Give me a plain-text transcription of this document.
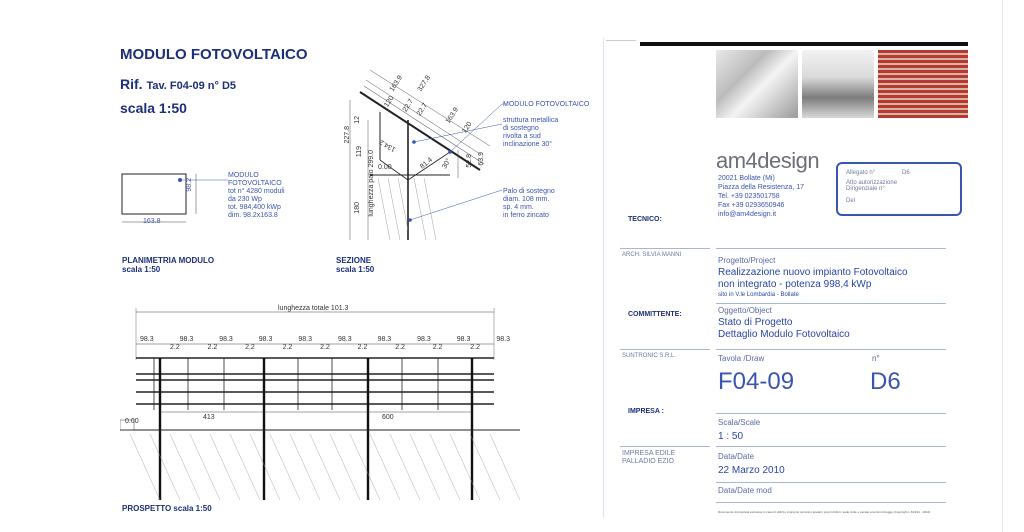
MODULO FOTOVOLTAICO
Rif. Tav. F04-09 n° D5
scala 1:50
163.8
98.2
MODULO
FOTOVOLTAICO
tot n° 4280 moduli
da 230 Wp
tot. 984,400 kWp
dim. 98.2x163.8
PLANIMETRIA MODULO
scala 1:50
MODULO FOTOVOLTAICO
struttura metallica
di sostegno
rivolta a sud
inclinazione 30°
Palo di sostegno
diam. 108 mm.
sp. 4 mm.
in ferro zincato
163.9 327.8
120 22.7 22.7 163.9
120
12
227.8
119 134.2
81.4 30° 52.8 63.9
180 lunghezza palo 299.0 0.00
SEZIONE
scala 1:50
lunghezza totale 101.3
98.3	98.3	98.3	98.3	98.3	98.3	98.3	98.3	98.3	98.3
2.2	2.2	2.2	2.2	2.2	2.2	2.2	2.2	2.2
413	600
0.00
PROSPETTO scala 1:50
am4design
20021 Bollate (Mi)
Piazza della Resistenza, 17
Tel. +39 023501758
Fax +39 0293650946
info@am4design.it
Allegato n°	D6
Atto autorizzazione
Dirigenziale n°
Del
TECNICO:
ARCH. SILVIA MANNI
Progetto/Project
Realizzazione nuovo impianto Fotovoltaico
non integrato - potenza 998,4 kWp
sito in V.le Lombardia - Bollate
COMMITTENTE:	Oggetto/Object
Stato di Progetto
Dettaglio Modulo Fotovoltaico
SUNTRONIC S.R.L.	Tavola /Draw	n°
F04-09	D6
IMPRESA :
Scala/Scale
1 : 50
IMPRESA EDILE
PALLADIO EZIO
Data/Date
22 Marzo 2010
Data/Date mod
Documento di proprietà esclusiva in caso di utilizzo improprio verranno tutelati i propri diritti in sede civile e penale a termini di legge (Copyright L.633/41 - 2010)
